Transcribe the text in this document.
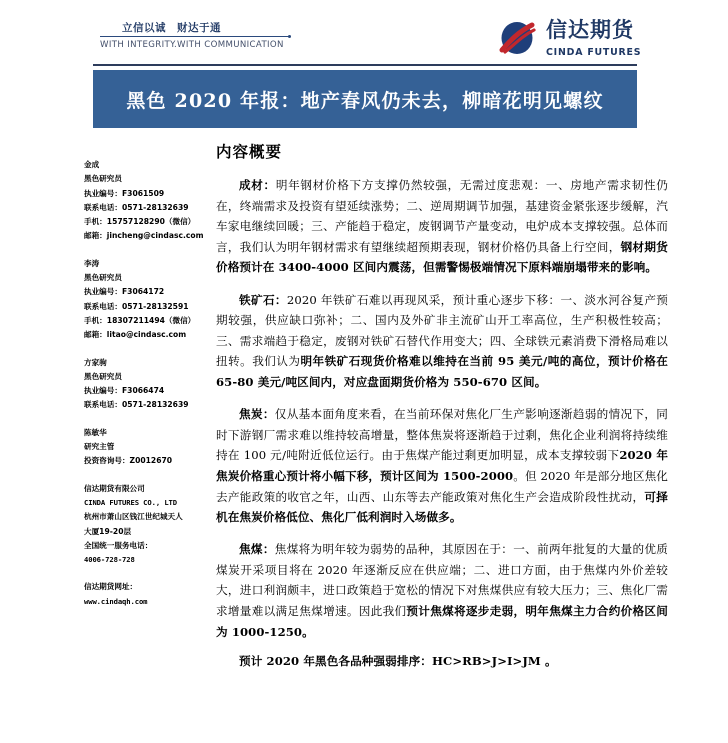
立信以诚　财达于通
WITH INTEGRITY.WITH COMMUNICATION
信达期货 CINDA FUTURES
黑色 2020 年报：地产春风仍未去，柳暗花明见螺纹
金成
黑色研究员
执业编号：F3061509
联系电话：0571-28132639
手机：15757128290（微信）
邮箱：jincheng@cindasc.com
李涛
黑色研究员
执业编号：F3064172
联系电话：0571-28132591
手机：18307211494（微信）
邮箱：litao@cindasc.com
方家驹
黑色研究员
执业编号：F3066474
联系电话：0571-28132639
陈敏华
研究主管
投资咨询号：Z0012670
信达期货有限公司
CINDA FUTURES CO., LTD
杭州市萧山区钱江世纪城天人
大厦19-20层
全国统一服务电话：
4006-728-728
信达期货网址：
www.cindaqh.com
内容概要

成材：明年钢材价格下方支撑仍然较强，无需过度悲观：一、房地产需求韧性仍在，终端需求及投资有望延续涨势；二、逆周期调节加强，基建资金紧张逐步缓解，汽车家电继续回暖；三、产能趋于稳定，废钢调节产量变动，电炉成本支撑较强。总体而言，我们认为明年钢材需求有望继续超预期表现，钢材价格仍具备上行空间，钢材期货价格预计在 3400-4000 区间内震荡，但需警惕极端情况下原料端崩塌带来的影响。

铁矿石：2020 年铁矿石难以再现风采，预计重心逐步下移：一、淡水河谷复产预期较强，供应缺口弥补；二、国内及外矿非主流矿山开工率高位，生产积极性较高；三、需求端趋于稳定，废钢对铁矿石替代作用变大；四、全球铁元素消费下滑格局难以扭转。我们认为明年铁矿石现货价格难以维持在当前 95 美元/吨的高位，预计价格在 65-80 美元/吨区间内，对应盘面期货价格为 550-670 区间。

焦炭：仅从基本面角度来看，在当前环保对焦化厂生产影响逐渐趋弱的情况下，同时下游钢厂需求难以维持较高增量，整体焦炭将逐渐趋于过剩，焦化企业利润将持续维持在 100 元/吨附近低位运行。由于焦煤产能过剩更加明显，成本支撑较弱下2020 年焦炭价格重心预计将小幅下移，预计区间为 1500-2000。但 2020 年是部分地区焦化去产能政策的收官之年，山西、山东等去产能政策对焦化生产会造成阶段性扰动，可择机在焦炭价格低位、焦化厂低利润时入场做多。

焦煤：焦煤将为明年较为弱势的品种，其原因在于：一、前两年批复的大量的优质煤炭开采项目将在 2020 年逐渐反应在供应端；二、进口方面，由于焦煤内外价差较大，进口利润颇丰，进口政策趋于宽松的情况下对焦煤供应有较大压力；三、焦化厂需求增量难以满足焦煤增速。因此我们预计焦煤将逐步走弱，明年焦煤主力合约价格区间为 1000-1250。

预计 2020 年黑色各品种强弱排序：HC>RB>J>I>JM 。
